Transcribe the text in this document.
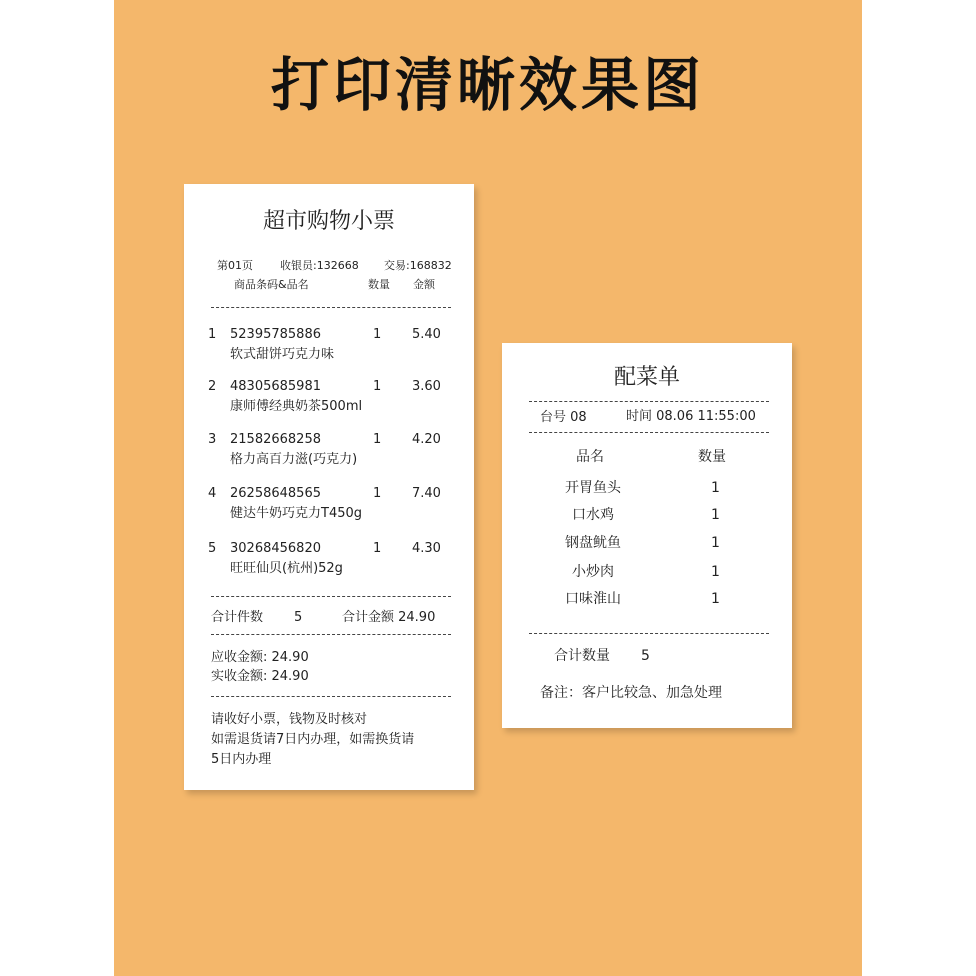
打印清晰效果图
超市购物小票
第01页 收银员:132668 交易:168832
商品条码&品名	数量 金额
1 52395785886	1 5.40
软式甜饼巧克力味
2 48305685981	1 3.60
康师傅经典奶茶500ml
3 21582668258	1 4.20
格力高百力滋(巧克力)
4 26258648565	1 7.40
健达牛奶巧克力T450g
5 30268456820	1 4.30
旺旺仙贝(杭州)52g
合计件数 5	合计金额 24.90
应收金额: 24.90
实收金额: 24.90
请收好小票，钱物及时核对
如需退货请7日内办理，如需换货请
5日内办理
配菜单
台号 08	时间 08.06 11:55:00
品名	数量
开胃鱼头	1
口水鸡	1
钢盘鱿鱼	1
小炒肉	1
口味淮山	1
合计数量 5
备注：客户比较急、加急处理
